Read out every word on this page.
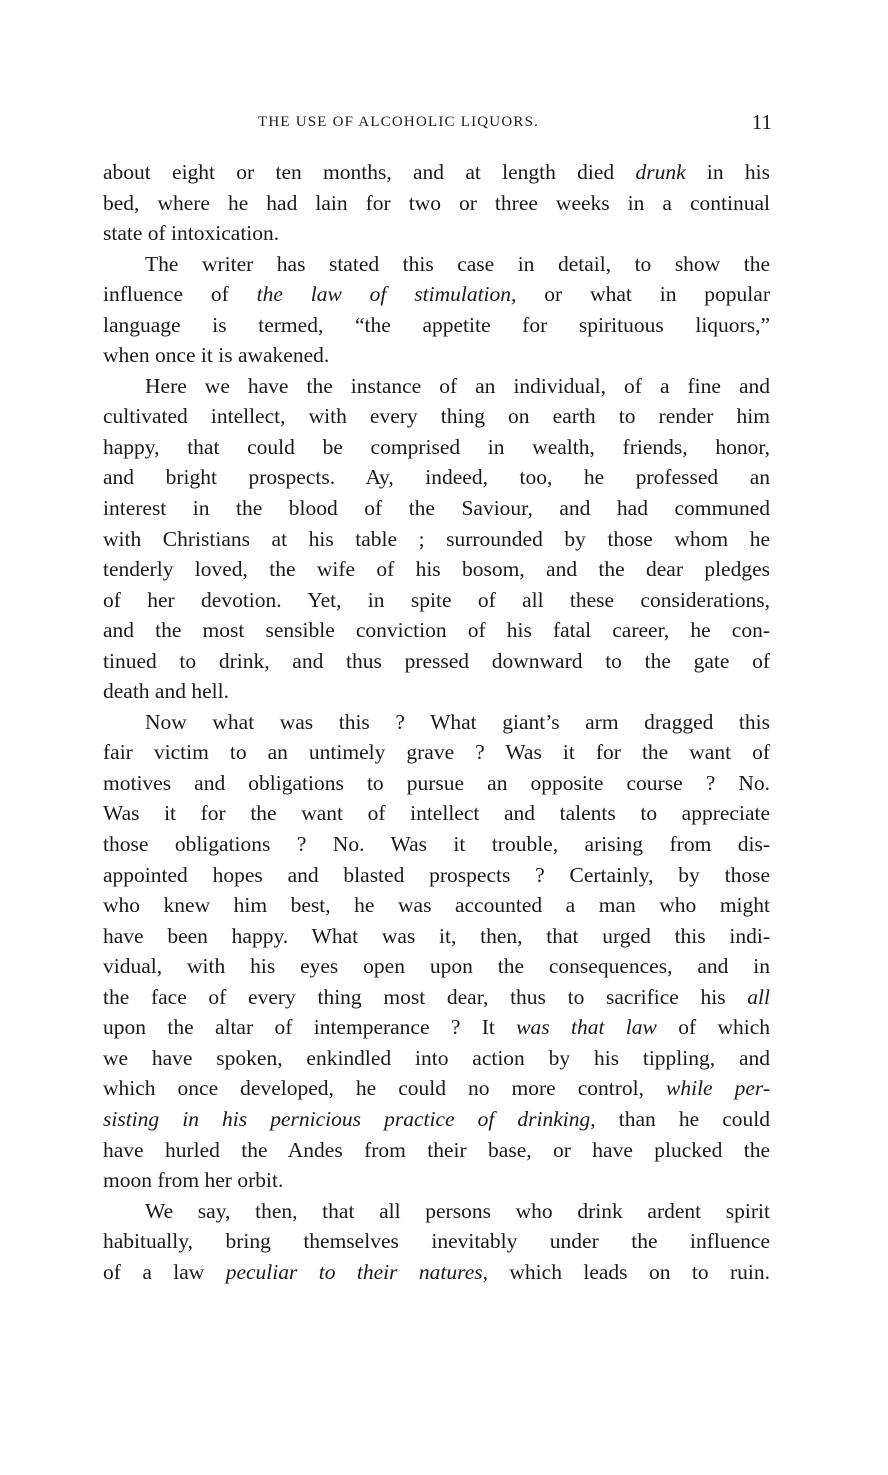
THE USE OF ALCOHOLIC LIQUORS.	11
about eight or ten months, and at length died drunk in his
bed, where he had lain for two or three weeks in a continual
state of intoxication.
The writer has stated this case in detail, to show the
influence of the law of stimulation, or what in popular
language is termed, “the appetite for spirituous liquors,”
when once it is awakened.
Here we have the instance of an individual, of a fine and
cultivated intellect, with every thing on earth to render him
happy, that could be comprised in wealth, friends, honor,
and bright prospects. Ay, indeed, too, he professed an
interest in the blood of the Saviour, and had communed
with Christians at his table ; surrounded by those whom he
tenderly loved, the wife of his bosom, and the dear pledges
of her devotion. Yet, in spite of all these considerations,
and the most sensible conviction of his fatal career, he con-
tinued to drink, and thus pressed downward to the gate of
death and hell.
Now what was this ? What giant’s arm dragged this
fair victim to an untimely grave ? Was it for the want of
motives and obligations to pursue an opposite course ? No.
Was it for the want of intellect and talents to appreciate
those obligations ? No. Was it trouble, arising from dis-
appointed hopes and blasted prospects ? Certainly, by those
who knew him best, he was accounted a man who might
have been happy. What was it, then, that urged this indi-
vidual, with his eyes open upon the consequences, and in
the face of every thing most dear, thus to sacrifice his all
upon the altar of intemperance ? It was that law of which
we have spoken, enkindled into action by his tippling, and
which once developed, he could no more control, while per-
sisting in his pernicious practice of drinking, than he could
have hurled the Andes from their base, or have plucked the
moon from her orbit.
We say, then, that all persons who drink ardent spirit
habitually, bring themselves inevitably under the influence
of a law peculiar to their natures, which leads on to ruin.
